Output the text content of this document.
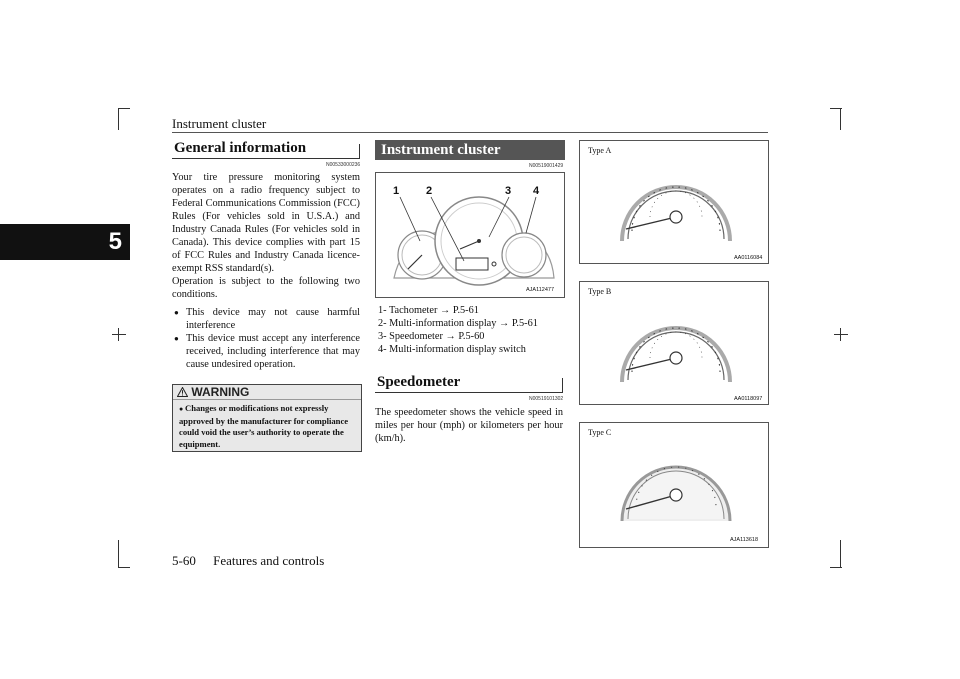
Instrument cluster
5
General information
N00533000236
Your tire pressure monitoring system operates on a radio frequency subject to Federal Communications Commission (FCC) Rules (For vehicles sold in U.S.A.) and Industry Canada Rules (For vehicles sold in Canada). This device complies with part 15 of FCC Rules and Industry Canada licence-exempt RSS standard(s).
Operation is subject to the following two conditions.
● This device may not cause harmful interference
● This device must accept any interference received, including interference that may cause undesired operation.
WARNING
● Changes or modifications not expressly approved by the manufacturer for compliance could void the user’s authority to operate the equipment.
Instrument cluster
N00519001429
1 2	3 4
AJA112477
1- Tachometer → P.5-61
2- Multi-information display → P.5-61
3- Speedometer → P.5-60
4- Multi-information display switch
Speedometer
N00519101302
The speedometer shows the vehicle speed in miles per hour (mph) or kilometers per hour (km/h).
Type A
AA0116084
Type B
AA0118097
Type C
AJA113618
5-60 Features and controls
